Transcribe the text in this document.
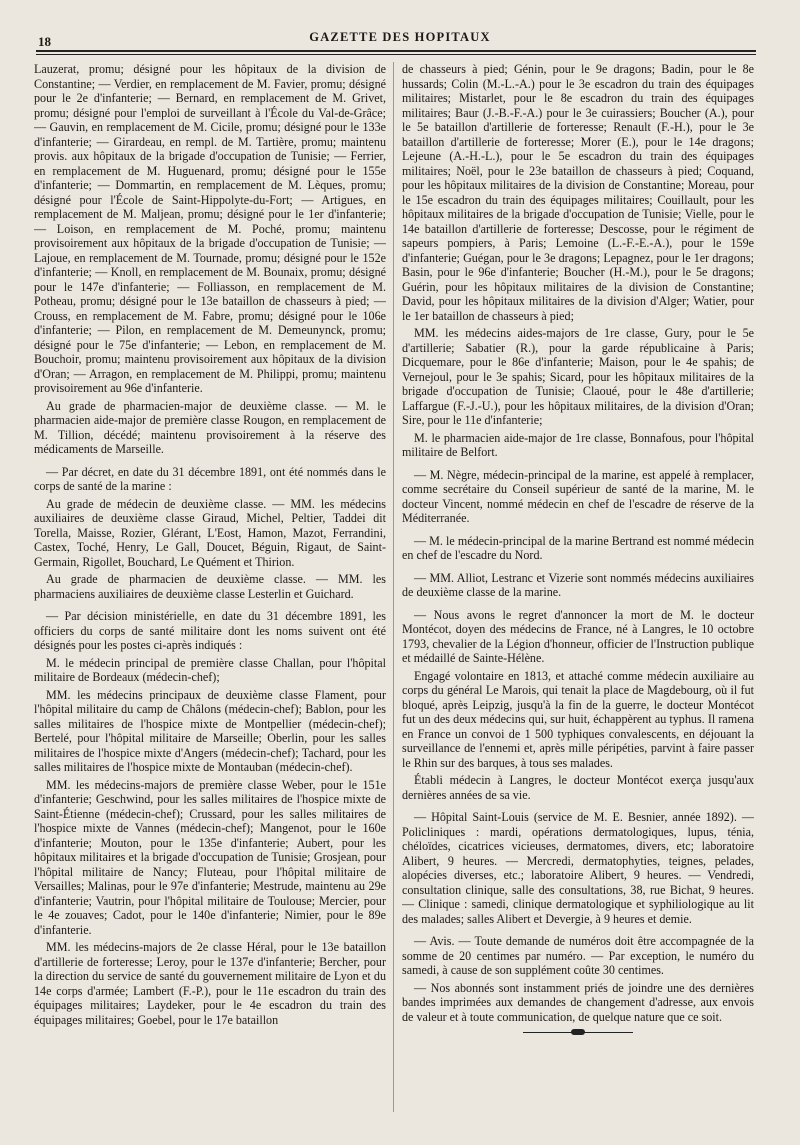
18	GAZETTE DES HOPITAUX

Lauzerat, promu; désigné pour les hôpitaux de la division de Constantine; — Verdier, en remplacement de M. Favier, promu; désigné pour le 2e d'infanterie; — Bernard, en remplacement de M. Grivet, promu; désigné pour l'emploi de surveillant à l'École du Val-de-Grâce; — Gauvin, en remplacement de M. Cicile, promu; désigné pour le 133e d'infanterie; — Girardeau, en rempl. de M. Tartière, promu; maintenu provis. aux hôpitaux de la brigade d'occupation de Tunisie; — Ferrier, en remplacement de M. Huguenard, promu; désigné pour le 155e d'infanterie; — Dommartin, en remplacement de M. Lèques, promu; désigné pour l'École de Saint-Hippolyte-du-Fort; — Artigues, en remplacement de M. Maljean, promu; désigné pour le 1er d'infanterie; — Loison, en remplacement de M. Poché, promu; maintenu provisoirement aux hôpitaux de la brigade d'occupation de Tunisie; — Lajoue, en remplacement de M. Tournade, promu; désigné pour le 152e d'infanterie; — Knoll, en remplacement de M. Bounaix, promu; désigné pour le 147e d'infanterie; — Folliasson, en remplacement de M. Potheau, promu; désigné pour le 13e bataillon de chasseurs à pied; — Crouss, en remplacement de M. Fabre, promu; désigné pour le 106e d'infanterie; — Pilon, en remplacement de M. Demeunynck, promu; désigné pour le 75e d'infanterie; — Lebon, en remplacement de M. Bouchoir, promu; maintenu provisoirement aux hôpitaux de la division d'Oran; — Arragon, en remplacement de M. Philippi, promu; maintenu provisoirement au 96e d'infanterie.

Au grade de pharmacien-major de deuxième classe. — M. le pharmacien aide-major de première classe Rougon, en remplacement de M. Tillion, décédé; maintenu provisoirement à la réserve des médicaments de Marseille.

— Par décret, en date du 31 décembre 1891, ont été nommés dans le corps de santé de la marine :

Au grade de médecin de deuxième classe. — MM. les médecins auxiliaires de deuxième classe Giraud, Michel, Peltier, Taddei dit Torella, Maisse, Rozier, Glérant, L'Eost, Hamon, Mazot, Ferrandini, Castex, Toché, Henry, Le Gall, Doucet, Béguin, Rigaut, de Saint-Germain, Rigollet, Bouchard, Le Quément et Thirion.

Au grade de pharmacien de deuxième classe. — MM. les pharmaciens auxiliaires de deuxième classe Lesterlin et Guichard.

— Par décision ministérielle, en date du 31 décembre 1891, les officiers du corps de santé militaire dont les noms suivent ont été désignés pour les postes ci-après indiqués :

M. le médecin principal de première classe Challan, pour l'hôpital militaire de Bordeaux (médecin-chef);

MM. les médecins principaux de deuxième classe Flament, pour l'hôpital militaire du camp de Châlons (médecin-chef); Bablon, pour les salles militaires de l'hospice mixte de Montpellier (médecin-chef); Bertelé, pour l'hôpital militaire de Marseille; Oberlin, pour les salles militaires de l'hospice mixte d'Angers (médecin-chef); Tachard, pour les salles militaires de l'hospice mixte de Montauban (médecin-chef).

MM. les médecins-majors de première classe Weber, pour le 151e d'infanterie; Geschwind, pour les salles militaires de l'hospice mixte de Saint-Étienne (médecin-chef); Crussard, pour les salles militaires de l'hospice mixte de Vannes (médecin-chef); Mangenot, pour le 160e d'infanterie; Mouton, pour le 135e d'infanterie; Aubert, pour les hôpitaux militaires et la brigade d'occupation de Tunisie; Grosjean, pour l'hôpital militaire de Nancy; Fluteau, pour l'hôpital militaire de Versailles; Malinas, pour le 97e d'infanterie; Mestrude, maintenu au 29e d'infanterie; Vautrin, pour l'hôpital militaire de Toulouse; Mercier, pour le 4e zouaves; Cadot, pour le 140e d'infanterie; Nimier, pour le 89e d'infanterie.

MM. les médecins-majors de 2e classe Héral, pour le 13e bataillon d'artillerie de forteresse; Leroy, pour le 137e d'infanterie; Bercher, pour la direction du service de santé du gouvernement militaire de Lyon et du 14e corps d'armée; Lambert (F.-P.), pour le 11e escadron du train des équipages militaires; Laydeker, pour le 4e escadron du train des équipages militaires; Goebel, pour le 17e bataillon

de chasseurs à pied; Génin, pour le 9e dragons; Badin, pour le 8e hussards; Colin (M.-L.-A.) pour le 3e escadron du train des équipages militaires; Mistarlet, pour le 8e escadron du train des équipages militaires; Baur (J.-B.-F.-A.) pour le 3e cuirassiers; Boucher (A.), pour le 5e bataillon d'artillerie de forteresse; Renault (F.-H.), pour le 3e bataillon d'artillerie de forteresse; Morer (E.), pour le 14e dragons; Lejeune (A.-H.-L.), pour le 5e escadron du train des équipages militaires; Noël, pour le 23e bataillon de chasseurs à pied; Coquand, pour les hôpitaux militaires de la division de Constantine; Moreau, pour le 15e escadron du train des équipages militaires; Couillault, pour les hôpitaux militaires de la brigade d'occupation de Tunisie; Vielle, pour le 14e bataillon d'artillerie de forteresse; Descosse, pour le régiment de sapeurs pompiers, à Paris; Lemoine (L.-F.-E.-A.), pour le 159e d'infanterie; Guégan, pour le 3e dragons; Lepagnez, pour le 1er dragons; Basin, pour le 96e d'infanterie; Boucher (H.-M.), pour le 5e dragons; Guérin, pour les hôpitaux militaires de la division de Constantine; David, pour les hôpitaux militaires de la division d'Alger; Watier, pour le 1er bataillon de chasseurs à pied;

MM. les médecins aides-majors de 1re classe, Gury, pour le 5e d'artillerie; Sabatier (R.), pour la garde républicaine à Paris; Dicquemare, pour le 86e d'infanterie; Maison, pour le 4e spahis; de Vernejoul, pour le 3e spahis; Sicard, pour les hôpitaux militaires de la brigade d'occupation de Tunisie; Claoué, pour le 48e d'artillerie; Laffargue (F.-J.-U.), pour les hôpitaux militaires, de la division d'Oran; Sire, pour le 11e d'infanterie;

M. le pharmacien aide-major de 1re classe, Bonnafous, pour l'hôpital militaire de Belfort.

— M. Nègre, médecin-principal de la marine, est appelé à remplacer, comme secrétaire du Conseil supérieur de santé de la marine, M. le docteur Vincent, nommé médecin en chef de l'escadre de réserve de la Méditerranée.

— M. le médecin-principal de la marine Bertrand est nommé médecin en chef de l'escadre du Nord.

— MM. Alliot, Lestranc et Vizerie sont nommés médecins auxiliaires de deuxième classe de la marine.

— Nous avons le regret d'annoncer la mort de M. le docteur Montécot, doyen des médecins de France, né à Langres, le 10 octobre 1793, chevalier de la Légion d'honneur, officier de l'Instruction publique et médaillé de Sainte-Hélène.

Engagé volontaire en 1813, et attaché comme médecin auxiliaire au corps du général Le Marois, qui tenait la place de Magdebourg, où il fut bloqué, après Leipzig, jusqu'à la fin de la guerre, le docteur Montécot fut un des deux médecins qui, sur huit, échappèrent au typhus. Il ramena en France un convoi de 1 500 typhiques convalescents, en déjouant la surveillance de l'ennemi et, après mille péripéties, parvint à faire passer le Rhin sur des barques, à tous ses malades.

Établi médecin à Langres, le docteur Montécot exerça jusqu'aux dernières années de sa vie.

— Hôpital Saint-Louis (service de M. E. Besnier, année 1892). — Policliniques : mardi, opérations dermatologiques, lupus, ténia, chéloïdes, cicatrices vicieuses, dermatomes, divers, etc; laboratoire Alibert, 9 heures. — Mercredi, dermatophyties, teignes, pelades, alopécies diverses, etc.; laboratoire Alibert, 9 heures. — Vendredi, consultation clinique, salle des consultations, 38, rue Bichat, 9 heures. — Clinique : samedi, clinique dermatologique et syphiliologique au lit des malades; salles Alibert et Devergie, à 9 heures et demie.

— Avis. — Toute demande de numéros doit être accompagnée de la somme de 20 centimes par numéro. — Par exception, le numéro du samedi, à cause de son supplément coûte 30 centimes.

— Nos abonnés sont instamment priés de joindre une des dernières bandes imprimées aux demandes de changement d'adresse, aux envois de valeur et à toute communication, de quelque nature que ce soit.
